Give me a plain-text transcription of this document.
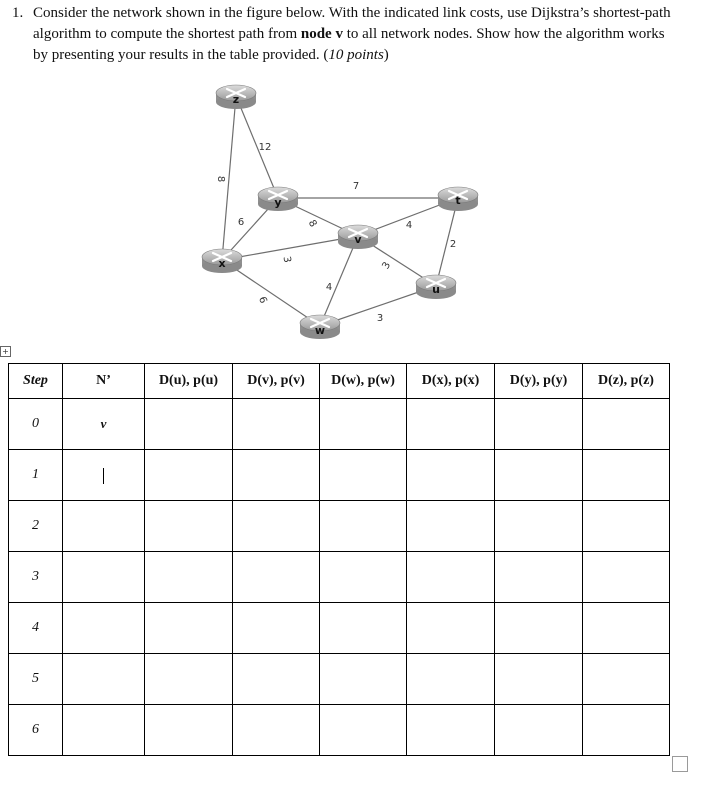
1. Consider the network shown in the figure below. With the indicated link costs, use Dijkstra’s shortest-path algorithm to compute the shortest path from node v to all network nodes. Show how the algorithm works by presenting your results in the table provided. (10 points)
8
12
7
6	8
3
6
4
3
4
2
3
z
y	t
v
x
u
w
+
Step	N’	D(u), p(u)	D(v), p(v)	D(w), p(w)	D(x), p(x)	D(y), p(y)	D(z), p(z)
0	v						
1							
2							
3							
4							
5							
6							
